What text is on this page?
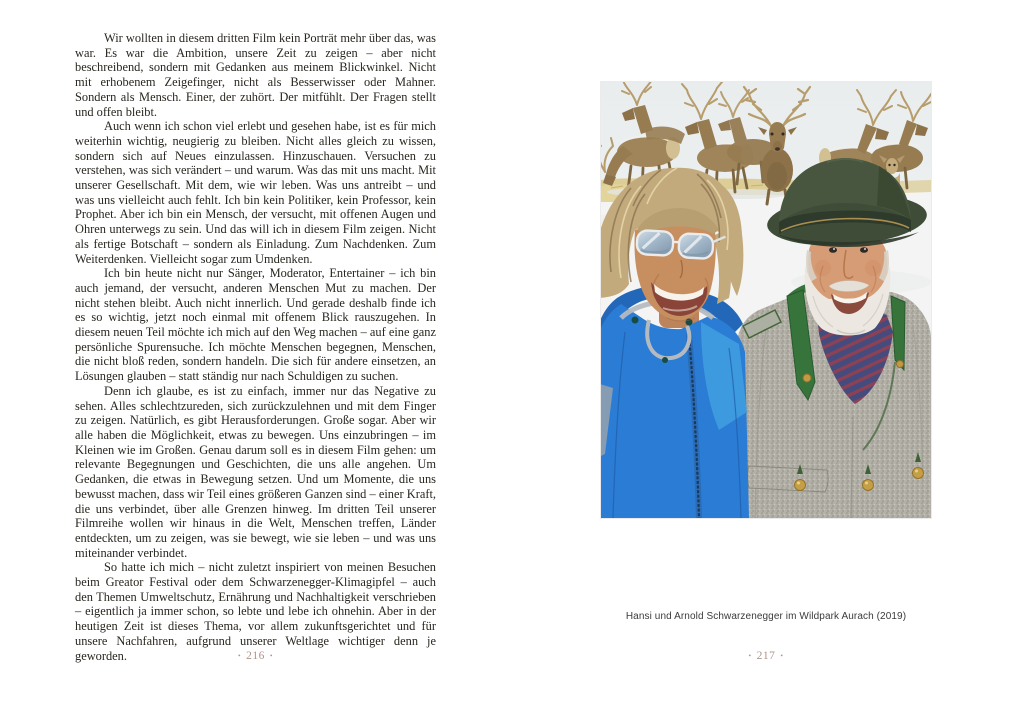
Wir wollten in diesem dritten Film kein Porträt mehr über das, was war. Es war die Ambition, unsere Zeit zu zeigen – aber nicht beschreibend, sondern mit Gedanken aus meinem Blickwinkel. Nicht mit erhobenem Zeigefinger, nicht als Besserwisser oder Mahner. Sondern als Mensch. Einer, der zuhört. Der mitfühlt. Der Fragen stellt und offen bleibt.

Auch wenn ich schon viel erlebt und gesehen habe, ist es für mich weiterhin wichtig, neugierig zu bleiben. Nicht alles gleich zu wissen, sondern sich auf Neues einzulassen. Hinzuschauen. Versuchen zu verstehen, was sich verändert – und warum. Was das mit uns macht. Mit unserer Gesellschaft. Mit dem, wie wir leben. Was uns antreibt – und was uns vielleicht auch fehlt. Ich bin kein Politiker, kein Professor, kein Prophet. Aber ich bin ein Mensch, der versucht, mit offenen Augen und Ohren unterwegs zu sein. Und das will ich in diesem Film zeigen. Nicht als fertige Botschaft – sondern als Einladung. Zum Nachdenken. Zum Weiterdenken. Vielleicht sogar zum Umdenken.

Ich bin heute nicht nur Sänger, Moderator, Entertainer – ich bin auch jemand, der versucht, anderen Menschen Mut zu machen. Der nicht stehen bleibt. Auch nicht innerlich. Und gerade deshalb finde ich es so wichtig, jetzt noch einmal mit offenem Blick rauszugehen. In diesem neuen Teil möchte ich mich auf den Weg machen – auf eine ganz persönliche Spurensuche. Ich möchte Menschen begegnen, Menschen, die nicht bloß reden, sondern handeln. Die sich für andere einsetzen, an Lösungen glauben – statt ständig nur nach Schuldigen zu suchen.

Denn ich glaube, es ist zu einfach, immer nur das Negative zu sehen. Alles schlechtzureden, sich zurückzulehnen und mit dem Finger zu zeigen. Natürlich, es gibt Herausforderungen. Große sogar. Aber wir alle haben die Möglichkeit, etwas zu bewegen. Uns einzubringen – im Kleinen wie im Großen. Genau darum soll es in diesem Film gehen: um relevante Begegnungen und Geschichten, die uns alle angehen. Um Gedanken, die etwas in Bewegung setzen. Und um Momente, die uns bewusst machen, dass wir Teil eines größeren Ganzen sind – einer Kraft, die uns verbindet, über alle Grenzen hinweg. Im dritten Teil unserer Filmreihe wollen wir hinaus in die Welt, Menschen treffen, Länder entdeckten, um zu zeigen, was sie bewegt, wie sie leben – und was uns miteinander verbindet.

So hatte ich mich – nicht zuletzt inspiriert von meinen Besuchen beim Greator Festival oder dem Schwarzenegger-Klimagipfel – auch den Themen Umweltschutz, Ernährung und Nachhaltigkeit verschrieben – eigentlich ja immer schon, so lebte und lebe ich ohnehin. Aber in der heutigen Zeit ist dieses Thema, vor allem zukunftsgerichtet und für unsere Nachfahren, aufgrund unserer Weltlage wichtiger denn je geworden.	• 216 •
Hansi und Arnold Schwarzenegger im Wildpark Aurach (2019)
• 217 •
